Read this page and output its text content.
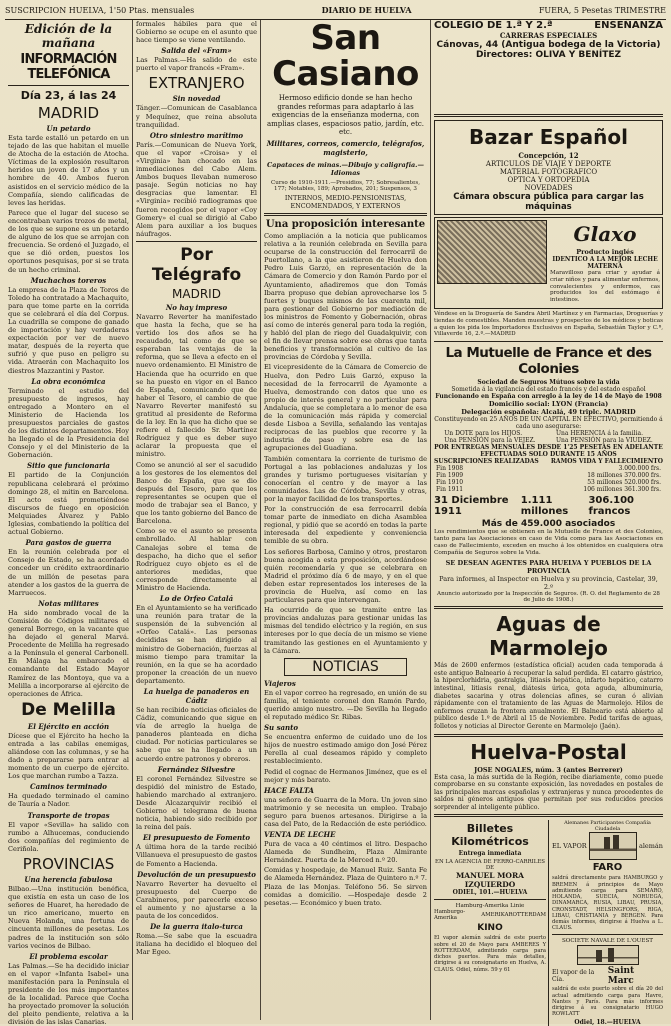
SUSCRIPCION HUELVA, 1'50 Ptas. mensuales	DIARIO DE HUELVA	FUERA, 5 Pesetas TRIMESTRE
Edición de la mañana
INFORMACIÓN TELEFÓNICA
Día 23, á las 24
MADRID
Un petardo

Esta tarde estalló un petardo en un tejado de las que habitan el muelle de Atocha de la estación de Atocha. Víctimas de la explosión resultaron heridos un joven de 17 años y un hombre de 40. Ambos fueron asistidos en el servicio médico de la Compañía, siendo calificadas de leves las heridas.

Parece que el lugar del suceso se encontraban varios trozos de metal, de los que se supone es un petardo de alguno de los que se arrojan con frecuencia. Se ordenó el Juzgado, el que se dió orden, puestos los oportunos pesquisas, por si se trata de un hecho criminal.

Muchachos toreros

La empresa de la Plaza de Toros de Toledo ha contratado a Machaquito, para que tome parte en la corrida que se celebrará el día del Corpus. La cuadrilla se compone de ganado de importación y hay verdaderas expectación por ver de nuevo matar, después de la reyerta que sufrió y que puso en peligro su vida. Atraerán con Machaquito los diestros Mazzantini y Pastor.

La obra económica

Terminado el estudio del presupuesto de ingresos, hay entregado a Montero en el Ministerio de Hacienda los presupuestos parciales de gastos de los distintos departamentos. Hoy ha llegado el de la Presidencia del Consejo y el del Ministerio de la Gobernación.

Sitio que funcionaria

El partido de la Conjunción republicana celebrará el próximo domingo 28, el mitin en Barcelona. El acto está prometiéndose discursos de fuego en oposición Melquiades Álvarez y Pablo Iglesias, combatiendo la política del actual Gobierno.

Para gastos de guerra

En la reunión celebrada por el Consejo de Estado, se ha acordado conceder un crédito extraordinario de un millón de pesetas para atender a los gastos de la guerra de Marruecos.

Notas militares

Ha sido nombrado vocal de la Comisión de Códigos militares el general Borrego, en la vacante que ha dejado el general Marvá. Procedente de Melilla ha regresado a la Península el general Carbonell. En Málaga ha embarcado el comandante del Estado Mayor Ramírez de las Montoya, que va a Melilla a incorporarse al ejército de operaciones de África.

De Melilla
El Ejército en acción

Dícese que el Ejército ha hecho la entrada a las cabilas enemigas, aliándose con las columnas, y se ha dado a prepararse para entrar al momento de un cuerpo de ejército. Los que marchan rumbo a Tazza.

Caminos terminado

Ha quedado terminado el camino de Tauría a Nador.

Transporte de tropas

El vapor «Sevilla» ha salido con rumbo a Alhucemas, conduciendo dos compañías del regimiento de Ceriñola.

PROVINCIAS
Una herencia fabulosa

Bilbao.—Una institución benéfica, que existía en esta un caso de los señores de Huaret, ha heredado de un rico americano, muerto en Nueva Holanda, una fortuna de cincuenta millones de pesetas. Los padres de la institución son sólo varios vecinos de Bilbao.

El problema escolar

Las Palmas.—Se ha decidido iniciar en el vapor «Infanta Isabel» una manifestación para la Península el presidente de los más importantes de la localidad. Parece que Cocha ha proyectado promover la solución del pleito pendiente, relativa a la división de las islas Canarias.

formales hábiles para que el Gobierno se ocupe en el asunto que hace tiempo se viene ventilando.

Salida del «Fram»

Las Palmas.—Ha salido de este puerto el vapor francés «Fram».

EXTRANJERO
Sin novedad

Tánger.—Comunican de Casablanca y Mequínez, que reina absoluta tranquilidad.

Otro siniestro marítimo

París.—Comunican de Nueva York, que el vapor «Croisa» y el «Virginia» han chocado en las inmediaciones del Cabo Alem. Ambos buques llevaban numeroso pasaje. Según noticias no hay desgracias que lamentar. El «Virginia» recibió radiogramas que fueron recogidos por el vapor «Coy Gomery» el cual se dirigió al Cabo Alem para auxiliar a los buques náufragos.

Por Telégrafo
MADRID
No hay impreso

Navarro Reverter ha manifestado que hasta la fecha, que se ha vertido los dos años se ha recaudado, tal como de que se esperaban las ventajas de la reforma, que se lleva a efecto en el nuevo ordenamiento. El Ministro de Hacienda que ha ocurrido en que se ha puesto en vigor en el Banco de España, comunicando que de haber el Tesoro, el cambio de que Navarro Reverter manifestó su gratitud al presidente de Reforma de la ley. En la que ha dicho que se refiere el fallecido Sr. Martínez Rodríguez y que es deber suyo aclarar la propuesta que el ministro.

Como se anunció al ser el sacudido a los gestores de los elementos del Banco de España, que se dio después del Tesoro, para que los representantes se ocupen que el modo de trabajar sea el Banco, y que los tanto gobierno del Banco de Barcelona.

Como se ve el asunto se presenta embrollado. Al hablar con Canalejas sobre el tema de despacho, ha dicho que el señor Rodríguez cuyo objeto es el de anteriores medidas, que corresponde directamente al Ministro de Hacienda.

Lo de Orfeo Catalá

En el Ayuntamiento se ha verificado una reunión para tratar de la suspensión de la subvención al «Orfeo Catalá». Las personas decididas se han dirigido al ministro de Gobernación, fuerzas al mismo tiempo para tramitar la reunión, en la que se ha acordado proponer la creación de un nuevo departamento.

La huelga de panaderos en Cádiz

Se han recibido noticias oficiales de Cádiz, comunicando que sigue en vía de arreglo la huelga de panaderos planteada en dicha ciudad. Por noticias particulares se sabe que se ha llegado a un acuerdo entre patronos y obreros.

Fernández Silvestre

El coronel Fernández Silvestre se despidió del ministro de Estado, habiendo marchado al extranjero. Desde Alcazarquivir recibió el Gobierno el telegrama de buena noticia, habiendo sido recibido por la reina del país.

El presupuesto de Fomento

A última hora de la tarde recibió Villanueva el presupuesto de gastos de Fomento a Hacienda.

Devolución de un presupuesto

Navarro Reverter ha devuelto el presupuesto del Cuerpo de Carabineros, por parecerle exceso el aumento y no ajustarse a la pauta de los concedidos.

De la guerra italo-turca

Roma.—Se sabe que la escuadra italiana ha decidido el bloqueo del Mar Egeo.

San Casiano

Hermoso edificio donde se han hecho grandes reformas para adaptarlo á las exigencias de la enseñanza moderna, con amplias clases, espaciosos patio, jardín, etc. etc.

Militares, correos, comercio, telégrafos, magisterio,
Capataces de minas.—Dibujo y caligrafía.—Idiomas
Curso de 1910-1911.—Presidios, 77; Sobresalientes, 177; Notables, 189; Aprobados, 201; Suspensos, 3
INTERNOS, MEDIO-PENSIONISTAS, ENCOMENDADOS, Y EXTERNOS
Una proposición interesante

Como ampliación a la noticia que publicamos relativa a la reunión celebrada en Sevilla para ocuparse de la construcción del ferrocarril de Puertollano, a la que asistieron de Huelva don Pedro Luis Garzó, en representación de la Cámara de Comercio y don Ramón Pardo por el Ayuntamiento, añadiremos que don Tomás Ibarra propuso que debían aprovecharse los 5 fuertes y buques mismos de las cuarenta mil, para gestionar del Gobierno por mediación de los ministros de Fomento y Gobernación, obras así como de interés general para toda la región, y habló del plan de riego del Guadalquivir, con el fin de llevar prensa sobre ese obras que tanta beneficios y transformación al cultivo de las provincias de Córdoba y Sevilla.

El vicepresidente de la Cámara de Comercio de Huelva, don Pedro Luis Garzó, expuso la necesidad de la ferrocarril de Ayamonte a Huelva, demostrando con datos que uno es propio de interés general y no particular para Andalucía, que se completara a lo menor de esa de la comunicación más rápida y comercial desde Lisboa a Sevilla, señalando las ventajas reciprocas de las pueblos que recorre y la industria de paso y sobre esa de las agrupaciones del Guadiana.

También comentara la corriente de turismo de Portugal a las poblaciones andaluzas y los grandes y turismo portugueses visitarían y conocerían el centro y de mayor a las comunidades. Las de Córdoba, Sevilla y otras, por la mayor facilidad de los transportes.

Por la construcción de esa ferrocarril debía tomar parte de inmediato en dicha Asamblea regional, y pidió que se acordó en todas la parte interesada del expediente y conveniencia temible de su obra.

Los señores Barbosa, Camino y otros, prestaron buena acogida a esta proposición, acordándose quién recomendaría y que se celebrara en Madrid el próximo día 6 de mayo, y en el que deben estar representados los intereses de la provincia de Huelva, así como en las particulares para que intervengan.

Ha ocurrido de que se tramite entre las provincias andaluzas para gestionar unidas las mismas del tendido eléctrico y la región, en sus intereses por lo que decía de un mismo se viene tramitando las gestiones en el Ayuntamiento y la Cámara.

NOTICIAS
Viajeros

En el vapor correo ha regresado, en unión de su familia, el teniente coronel don Ramón Pardo, querido amigo nuestro. —De Sevilla ha llegado el reputado médico Sr. Ribas.

Su santo

Se encuentra enfermo de cuidado uno de los hijos de nuestro estimado amigo don José Pérez Perella al cual deseamos rápido y completo restablecimiento.

Pedid el cognac de Hermanos Jiménez, que es el mejor y más barato.

HACE FALTA

una señora de Guarra de la Mora. Un joven sino matrimonio y se necesita un empleo. Trabajo seguro para buenos artesanos. Dirigirse a la casa del Pato, de la Redacción de este periódico.

VENTA DE LECHE

Pura de vaca a 40 céntimos el litro. Despacho Alameda de Sundheim, Plaza Almirante Hernández. Puerta de la Merced n.º 20.

Comidas y hospedaje, de Manuel Ruiz. Santa Fe de Alameda Hernández. Plaza de Quintero n.º 7. Plaza de las Monjas. Teléfono 56. Se sirven comidas a domicilio. —Hospedaje desde 2 pesetas.— Económico y buen trato.

COLEGIO DE 1.ª Y 2.ª	ENSEÑANZA
CARRERAS ESPECIALES
Cánovas, 44 (Antigua bodega de la Victoria)
Directores: OLIVA Y BENÍTEZ
Bazar Español
Concepción, 12
ARTICULOS DE VIAJE Y DEPORTE
MATERIAL FOTOGRAFICO
OPTICA Y ORTOPEDIA
NOVEDADES
Cámara obscura pública para cargar las máquinas
Glaxo
Producto inglés
IDENTICO A LA MEJOR LECHE MATERNA

Maravilloso para criar y ayudar á criar niños y para alimentar enfermos, convalecientes y enfermos, cas producidos los del estómago é intestinos.

Véndese en la Droguería de Sandra Abril Martínez y en Farmacias, Droguerías y tiendas de comestibles. Manden muestras y prospectos de los médicos y boticas a quien los pida los Importadores Exclusivos en España, Sebastián Taylor y C.ª, Villaverde 16, 2.º.—MADRID

La Mutuelle de France et des Colonies
Sociedad de Seguros Mútuos sobre la vida
Sometida á la vigilancia del estado francés y del estado español
Funcionando en España con arreglo á la ley de 14 de Mayo de 1908
Domicilio social: LYON (Francia)
Delegación española: Alcalá, 49 triplc. MADRID
Constituyendo en 25 AÑOS DE UN CAPITAL EN EFECTIVO, permitiendo á cada uno asegurarse:
Un DOTE para los HIJOS.
Una PENSIÓN para la VEJEZ.
Una HERENCIA á la familia.
Una PENSIÓN para la VIUDEZ.
POR ENTREGAS MENSUALES DESDE 1'25 PESETAS EN ADELANTE EFECTUADAS SOLO DURANTE 15 AÑOS
SUSCRIPCIONES REALIZADAS RAMOS VIDA Y FALLECIMIENTO
Fin 1908	3.000.000 frs.
Fin 1909	18 millones 370.000 frs.
Fin 1910	53 millones 520.000 frs.
Fin 1911	106 millones 361.300 frs.
31 Diciembre 1911
1.111 millones
306.100 francos
Más de 459.000 asociados

Los rendimientos que se obtienen en la Mutuelle de France et des Colonies, tanto para las Asociaciones en caso de Vida como para las Asociaciones en caso de Fallecimiento, exceden en mucho á los obtenidos en cualquiera otra Compañía de Seguros sobre la Vida.

SE DESEAN AGENTES PARA HUELVA Y PUEBLOS DE LA PROVINCIA
Para informes, al Inspector en Huelva y su provincia, Castelar, 39, 2.º
Anuncio autorizado por la Inspección de Seguros. (R. O. del Reglamento de 28 de Julio de 1908.)
Aguas de Marmolejo

Más de 2600 enfermos (estadística oficial) acuden cada temporada á este antiguo Balneario á recuperar la salud perdida. El catarro gástrico, la hiperclorhidria, gastralgia, litiasis hepática, infarto hepático, catarro intestinal, litiasis renal, diátesis úrica, gota aguda, albuminuria, diabetes sacarina y otras dolencias afines, se curan ó alivian rápidamente con el tratamiento de las Aguas de Marmolejo. Hilos de enfermos cruzan la frontera anualmente. El Balneario está abierto al público desde 1.º de Abril al 15 de Noviembre. Pedid tarifas de aguas, folletos y noticias al Director Gerente en Marmolejo (Jaén).

Huelva-Postal
JOSE NOGALES, núm. 3 (antes Berrerer)

Esta casa, la más surtida de la Región, recibe diariamente, como puede comprobarse en su constante exposición, las novedades en postales de las principales marcas españolas y extranjeras y nunca procedentes de saldos ni géneros antiguos que permitan por sus reducidos precios sorprender al inteligente público.

Billetes Kilométricos
Entrega inmediata
EN LA AGENCIA DE FERRO-CARRILES DE
MANUEL MORA IZQUIERDO
ODIEL, 101.—HUELVA
Hamburg-Amerika Linie
Hamburgo-Amerika	AMERIKA ROTTERDAM
KINO

El vapor alemán saldrá de este puerto sobre el 20 de Mayo para AMBERES Y ROTTERDAM, admitiendo carga para dichos puertos. Para más detalles, dirigirse á su consignatario en Huelva, A. CLAUS. Odiel, núms. 59 y 61

Alemanes Participantes Compañía Ciudadela
EL VAPOR	alemán
FARO

saldrá directamente para HAMBURGO y BREMEN á principios de Mayo admitiendo carga para SEMARO, HOLANDA, SUECIA, NORUEGA, DINAMARCA, RUSIA, LIBAU, PRUSIA, CRONSTADT, HELSINGFORS, RIGA, LIBAU, CRISTIANIA y BERGEN. Para demás informes, dirigirse á Huelva a L. CLAUS.

SOCIETE NAVALE DE L'OUEST
El vapor de la Cía.
Saint Marc

saldrá de este puerto sobre el día 20 del actual admitiendo carga para Havre, Nantes y París. Para más informes dirigirse á su consignatario HUGO ROWLATT

Odiel, 18.—HUELVA
